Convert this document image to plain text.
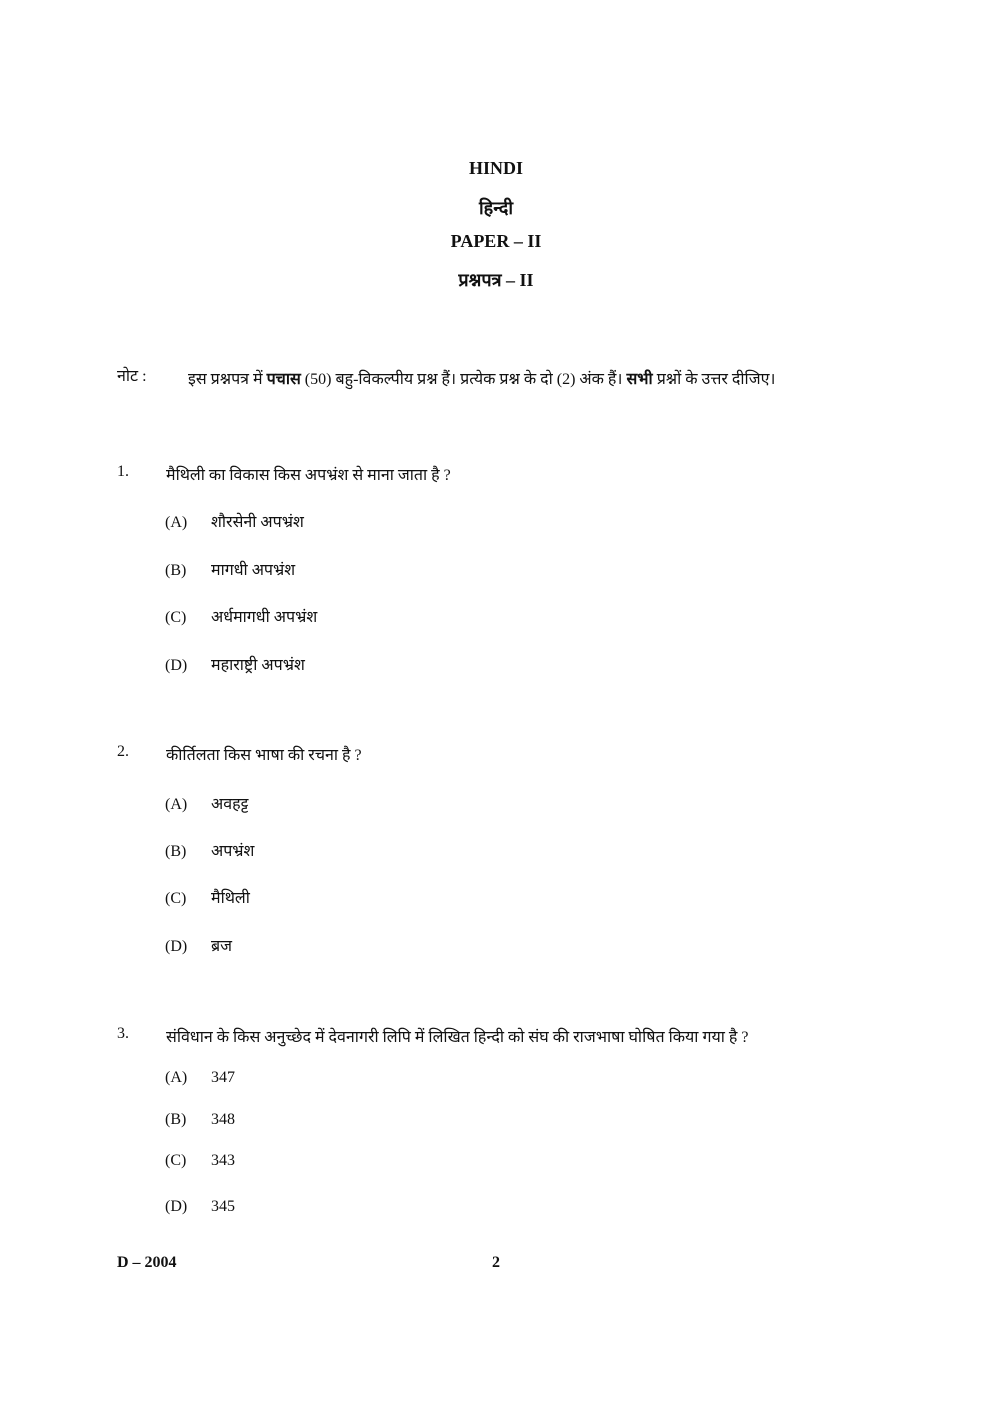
HINDI
हिन्दी
PAPER – II
प्रश्नपत्र – II
नोट :	इस प्रश्नपत्र में पचास (50) बहु-विकल्पीय प्रश्न हैं। प्रत्येक प्रश्न के दो (2) अंक हैं। सभी प्रश्नों के उत्तर दीजिए।
1.	मैथिली का विकास किस अपभ्रंश से माना जाता है ?
(A) शौरसेनी अपभ्रंश
(B) मागधी अपभ्रंश
(C) अर्धमागधी अपभ्रंश
(D) महाराष्ट्री अपभ्रंश
2.	कीर्तिलता किस भाषा की रचना है ?
(A) अवहट्ट
(B) अपभ्रंश
(C) मैथिली
(D) ब्रज
3.	संविधान के किस अनुच्छेद में देवनागरी लिपि में लिखित हिन्दी को संघ की राजभाषा घोषित किया गया है ?
(A) 347
(B) 348
(C) 343
(D) 345
D – 2004	2
